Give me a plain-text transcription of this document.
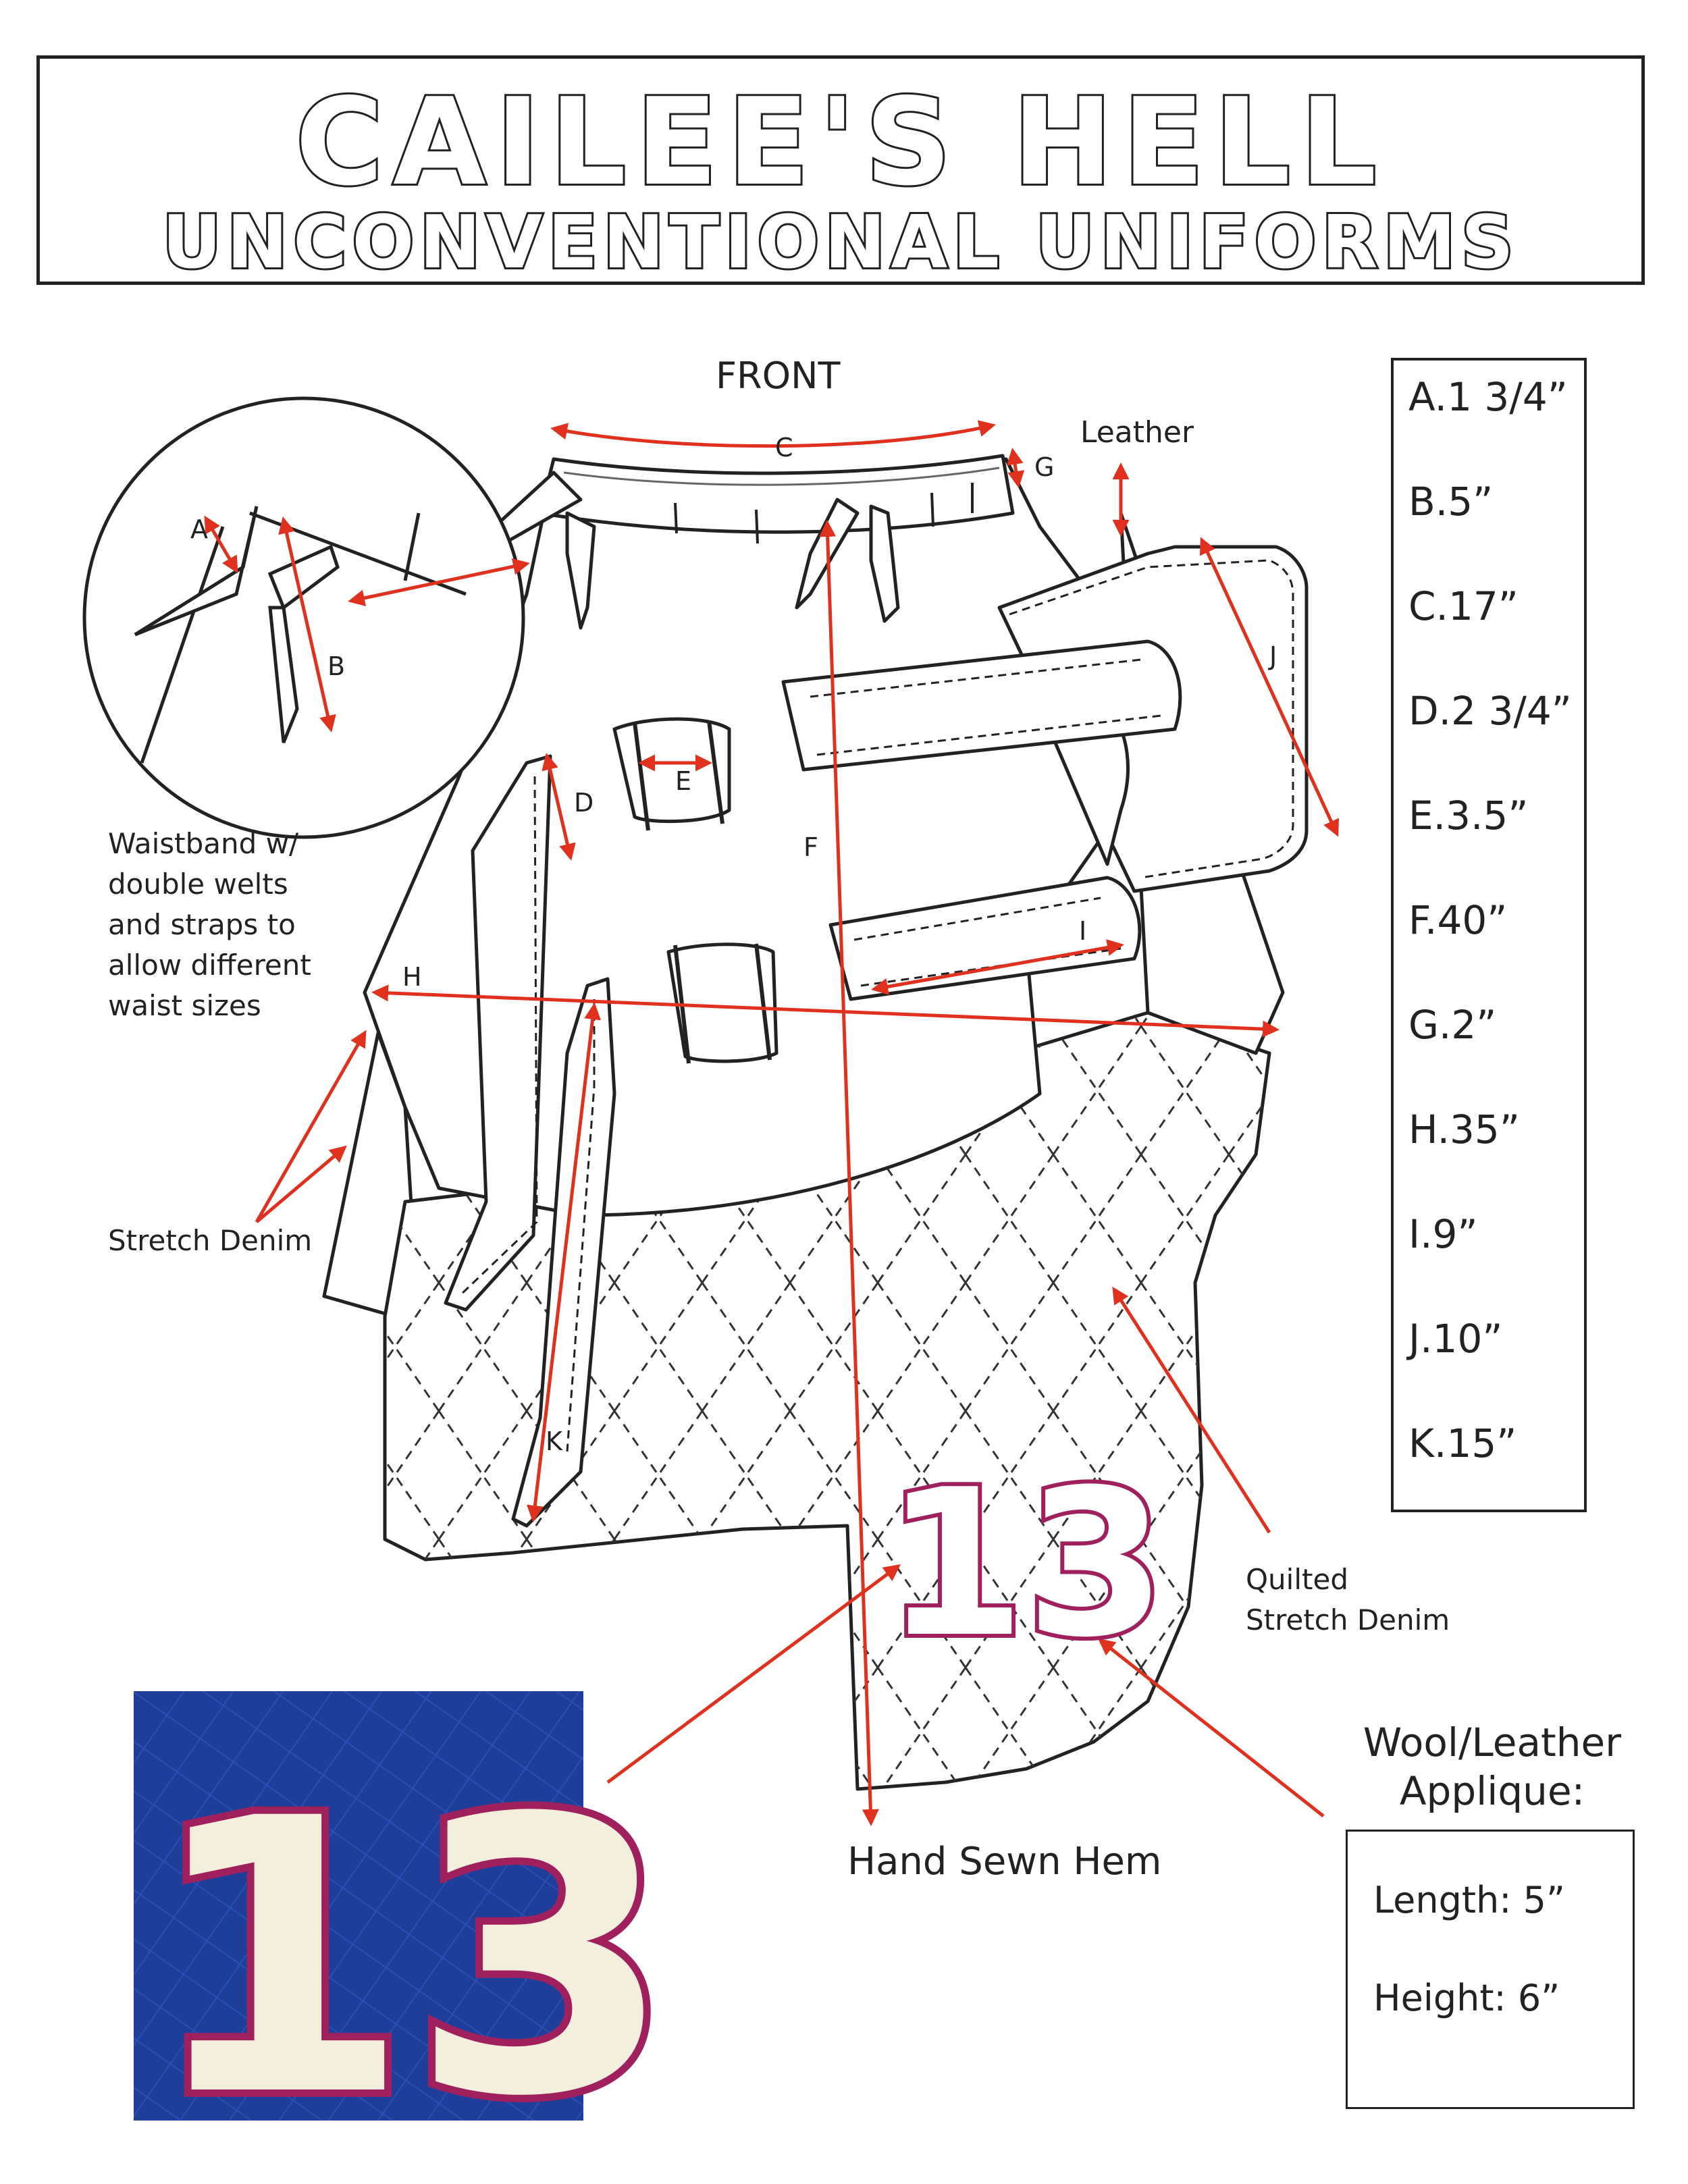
CAILEE'S HELL
UNCONVENTIONAL UNIFORMS
A
B
C
D
E
F
G
H
I
J
K
13
FRONT
Leather
Waistband w/
double welts
and straps to
allow different
waist sizes
Stretch Denim
Quilted
Stretch Denim
Hand Sewn Hem
A.1 3/4”
B.5”
C.17”
D.2 3/4”
E.3.5”
F.40”
G.2”
H.35”
I.9”
J.10”
K.15”
Wool/Leather
Applique:
Length: 5”
Height: 6”
13
